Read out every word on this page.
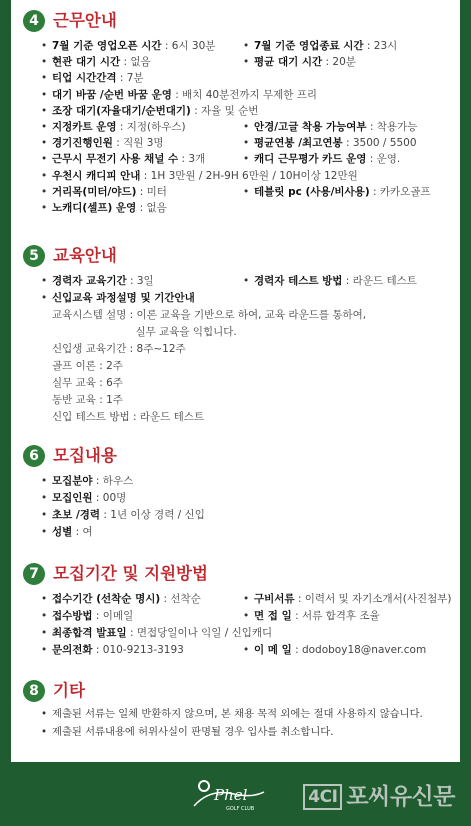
4 근무안내
• 7월 기준 영업오픈 시간 : 6시 30분	• 7월 기준 영업종료 시간 : 23시
• 현관 대기 시간 : 없음	• 평균 대기 시간 : 20분
• 티업 시간간격 : 7분
• 대기 바꿈 /순번 바꿈 운영 : 배치 40분전까지 무제한 프리
• 조장 대기(자율대기/순번대기) : 자율 및 순번
• 지정카트 운영 : 지정(하우스)	• 안경/고글 착용 가능여부 : 착용가능
• 경기진행인원 : 직원 3명	• 평균연봉 /최고연봉 : 3500 / 5500
• 근무시 무전기 사용 채널 수 : 3개	• 캐디 근무평가 카드 운영 : 운영.
• 우천시 캐디피 안내 : 1H 3만원 / 2H-9H 6만원 / 10H이상 12만원
• 거리목(미터/야드) : 미터	• 테블릿 pc (사용/비사용) : 카카오골프
• 노캐디(셀프) 운영 : 없음
5 교육안내
• 경력자 교육기간 : 3일	• 경력자 테스트 방법 : 라운드 테스트
• 신입교육 과정설명 및 기간안내
교육시스템 설명 : 이론 교육을 기반으로 하여, 교육 라운드를 통하여,
실무 교육을 익힙니다.
신입생 교육기간 : 8주~12주
골프 이론 : 2주
실무 교육 : 6주
동반 교육 : 1주
신입 테스트 방법 : 라운드 테스트
6 모집내용
• 모집분야 : 하우스
• 모집인원 : 00명
• 초보 /경력 : 1년 이상 경력 / 신입
• 성별 : 여
7 모집기간 및 지원방법
• 접수기간 (선착순 명시) : 선착순	• 구비서류 : 이력서 및 자기소개서(사진첨부)
• 접수방법 : 이메일	• 면 접 일 : 서류 합격후 조율
• 최종합격 발표일 : 면접당일이나 익일 / 신입캐디
• 문의전화 : 010-9213-3193	• 이 메 일 : dodoboy18@naver.com
8 기타
• 제출된 서류는 일체 반환하지 않으며, 본 채용 목적 외에는 절대 사용하지 않습니다.
• 제출된 서류내용에 허위사실이 판명될 경우 입사를 취소합니다.
Phel
GOLF CLUB
4CI 포씨유신문
